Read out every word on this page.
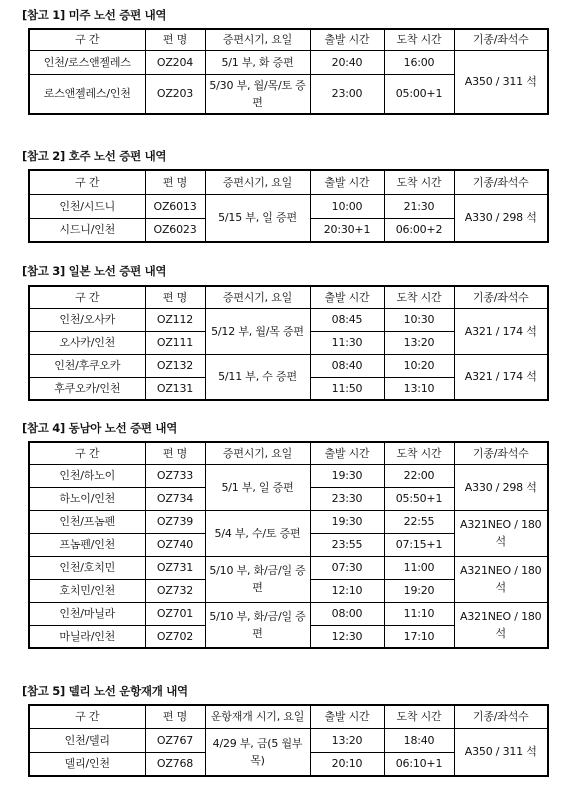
[참고 1] 미주 노선 증편 내역
구 간	편 명	증편시기, 요일	출발 시간	도착 시간	기종/좌석수
인천/로스앤젤레스	OZ204	5/1 부, 화 증편	20:40	16:00	A350 / 311 석
로스앤젤레스/인천	OZ203	5/30 부, 월/목/토 증편	23:00	05:00+1	
[참고 2] 호주 노선 증편 내역
구 간	편 명	증편시기, 요일	출발 시간	도착 시간	기종/좌석수
인천/시드니	OZ6013	5/15 부, 일 증편	10:00	21:30	A330 / 298 석
시드니/인천	OZ6023		20:30+1	06:00+2	
[참고 3] 일본 노선 증편 내역
구 간	편 명	증편시기, 요일	출발 시간	도착 시간	기종/좌석수
인천/오사카	OZ112	5/12 부, 월/목 증편	08:45	10:30	A321 / 174 석
오사카/인천	OZ111		11:30	13:20	
인천/후쿠오카	OZ132	5/11 부, 수 증편	08:40	10:20	A321 / 174 석
후쿠오카/인천	OZ131		11:50	13:10	
[참고 4] 동남아 노선 증편 내역
구 간	편 명	증편시기, 요일	출발 시간	도착 시간	기종/좌석수
인천/하노이	OZ733	5/1 부, 일 증편	19:30	22:00	A330 / 298 석
하노이/인천	OZ734		23:30	05:50+1	
인천/프놈펜	OZ739	5/4 부, 수/토 증편	19:30	22:55	A321NEO / 180 석
프놈펜/인천	OZ740		23:55	07:15+1	
인천/호치민	OZ731	5/10 부, 화/금/일 증편	07:30	11:00	A321NEO / 180 석
호치민/인천	OZ732		12:10	19:20	
인천/마닐라	OZ701	5/10 부, 화/금/일 증편	08:00	11:10	A321NEO / 180 석
마닐라/인천	OZ702		12:30	17:10	
[참고 5] 델리 노선 운항재개 내역
구 간	편 명	운항재개 시기, 요일	출발 시간	도착 시간	기종/좌석수
인천/델리	OZ767	4/29 부, 금(5 월부 목)	13:20	18:40	A350 / 311 석
델리/인천	OZ768		20:10	06:10+1	
